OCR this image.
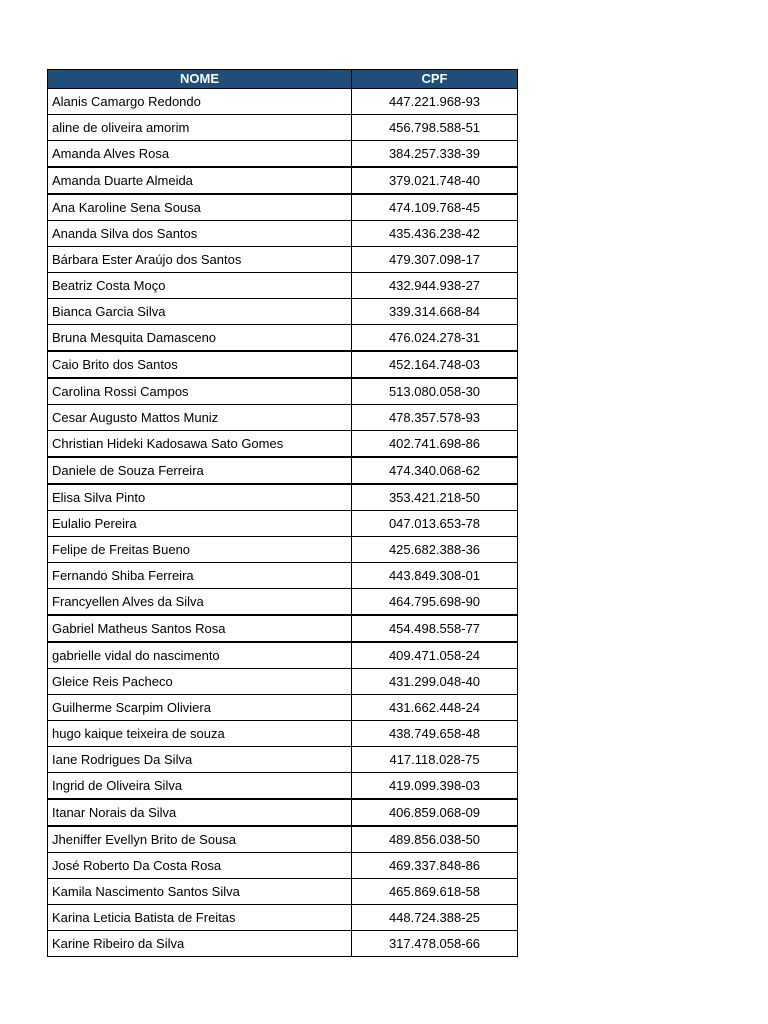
NOME	CPF
Alanis Camargo Redondo	447.221.968-93
aline de oliveira amorim	456.798.588-51
Amanda Alves Rosa	384.257.338-39
Amanda Duarte Almeida	379.021.748-40
Ana Karoline Sena Sousa	474.109.768-45
Ananda Silva dos Santos	435.436.238-42
Bárbara Ester Araújo dos Santos	479.307.098-17
Beatriz Costa Moço	432.944.938-27
Bianca Garcia Silva	339.314.668-84
Bruna Mesquita Damasceno	476.024.278-31
Caio Brito dos Santos	452.164.748-03
Carolina Rossi Campos	513.080.058-30
Cesar Augusto Mattos Muniz	478.357.578-93
Christian Hideki Kadosawa Sato Gomes	402.741.698-86
Daniele de Souza Ferreira	474.340.068-62
Elisa Silva Pinto	353.421.218-50
Eulalio Pereira	047.013.653-78
Felipe de Freitas Bueno	425.682.388-36
Fernando Shiba Ferreira	443.849.308-01
Francyellen Alves da Silva	464.795.698-90
Gabriel Matheus Santos Rosa	454.498.558-77
gabrielle vidal do nascimento	409.471.058-24
Gleice Reis Pacheco	431.299.048-40
Guilherme Scarpim Oliviera	431.662.448-24
hugo kaique teixeira de souza	438.749.658-48
Iane Rodrigues Da Silva	417.118.028-75
Ingrid de Oliveira Silva	419.099.398-03
Itanar Norais da Silva	406.859.068-09
Jheniffer Evellyn Brito de Sousa	489.856.038-50
José Roberto Da Costa Rosa	469.337.848-86
Kamila Nascimento Santos Silva	465.869.618-58
Karina Leticia Batista de Freitas	448.724.388-25
Karine Ribeiro da Silva	317.478.058-66
